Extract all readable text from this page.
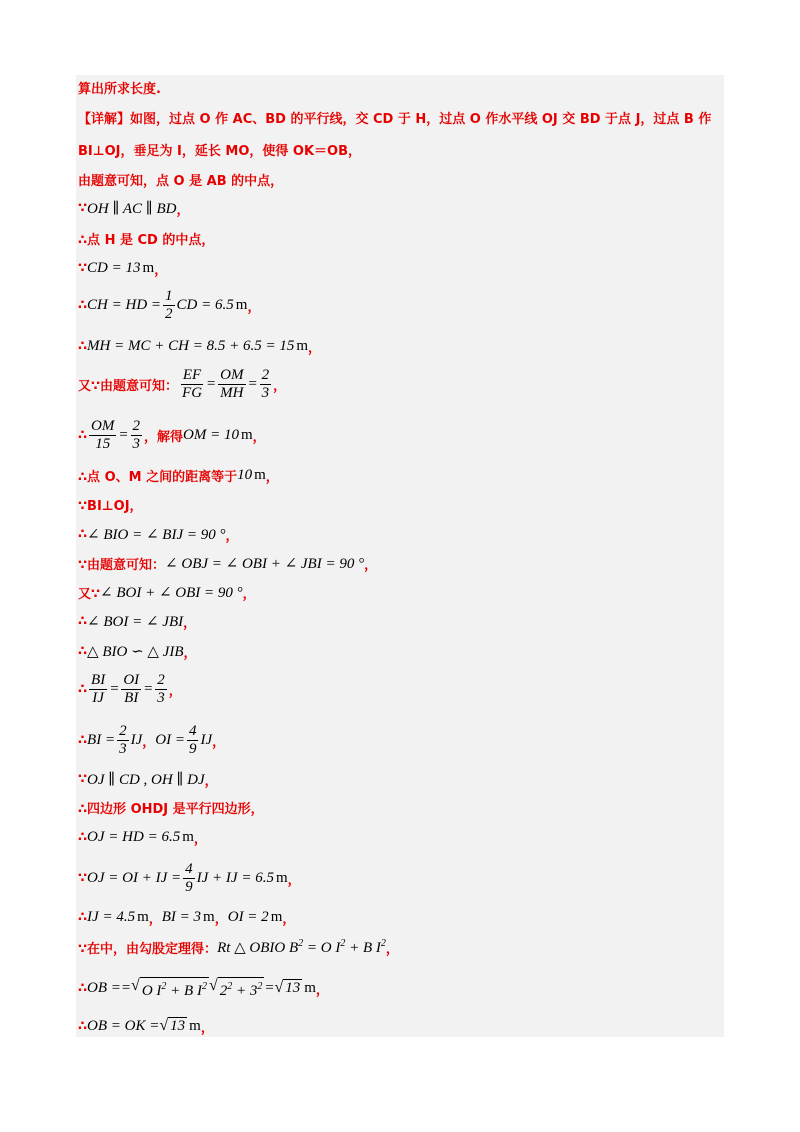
算出所求长度.
【详解】如图，过点 O 作 AC、BD 的平行线，交 CD 于 H，过点 O 作水平线 OJ 交 BD 于点 J，过点 B 作
BI⊥OJ，垂足为 I，延长 MO，使得 OK＝OB，
由题意可知，点 O 是 AB 的中点，
∵ OH ∥ AC ∥ BD ，
∴点 H 是 CD 的中点，
∵ CD = 13 m ，
∴ CH = HD = $\frac{1}{2}$ CD = 6.5 m ，
∴ MH = MC + CH = 8.5 + 6.5 = 15 m ，
又∵由题意可知： $\frac{EF}{FG} = \frac{OM}{MH} = \frac{2}{3}$ ，
∴ $\frac{OM}{15} = \frac{2}{3}$ ，解得 OM = 10 m ，
∴点 O、M 之间的距离等于 10 m ，
∵BI⊥OJ，
∴ ∠ BIO = ∠ BIJ = 90 ° ，
∵由题意可知： ∠ OBJ = ∠ OBI + ∠ JBI = 90 ° ，
又∵ ∠ BOI + ∠ OBI = 90 ° ，
∴ ∠ BOI = ∠ JBI ，
∴ △ BIO ∽ △ JIB ，
∴ $\frac{BI}{IJ} = \frac{OI}{BI} = \frac{2}{3}$ ，
∴ BI = $\frac{2}{3}$ IJ ， OI = $\frac{4}{9}$ IJ ，
∵ OJ ∥ CD , OH ∥ DJ ，
∴四边形 OHDJ 是平行四边形，
∴ OJ = HD = 6.5 m ，
∵ OJ = OI + IJ = $\frac{4}{9}$ IJ + IJ = 6.5 m ，
∴ IJ = 4.5 m ， BI = 3 m ， OI = 2 m ，
∵在 中，由勾股定理得： Rt △ OBI O $B^2 = O$ $I^2 + B$ $I^2$ ，
∴ OB = = √ O $I^2 + B$ $I^2$ √ $2^2 + 3^2$ = √ 13 m ，
∴ OB = OK = √ 13 m ，
